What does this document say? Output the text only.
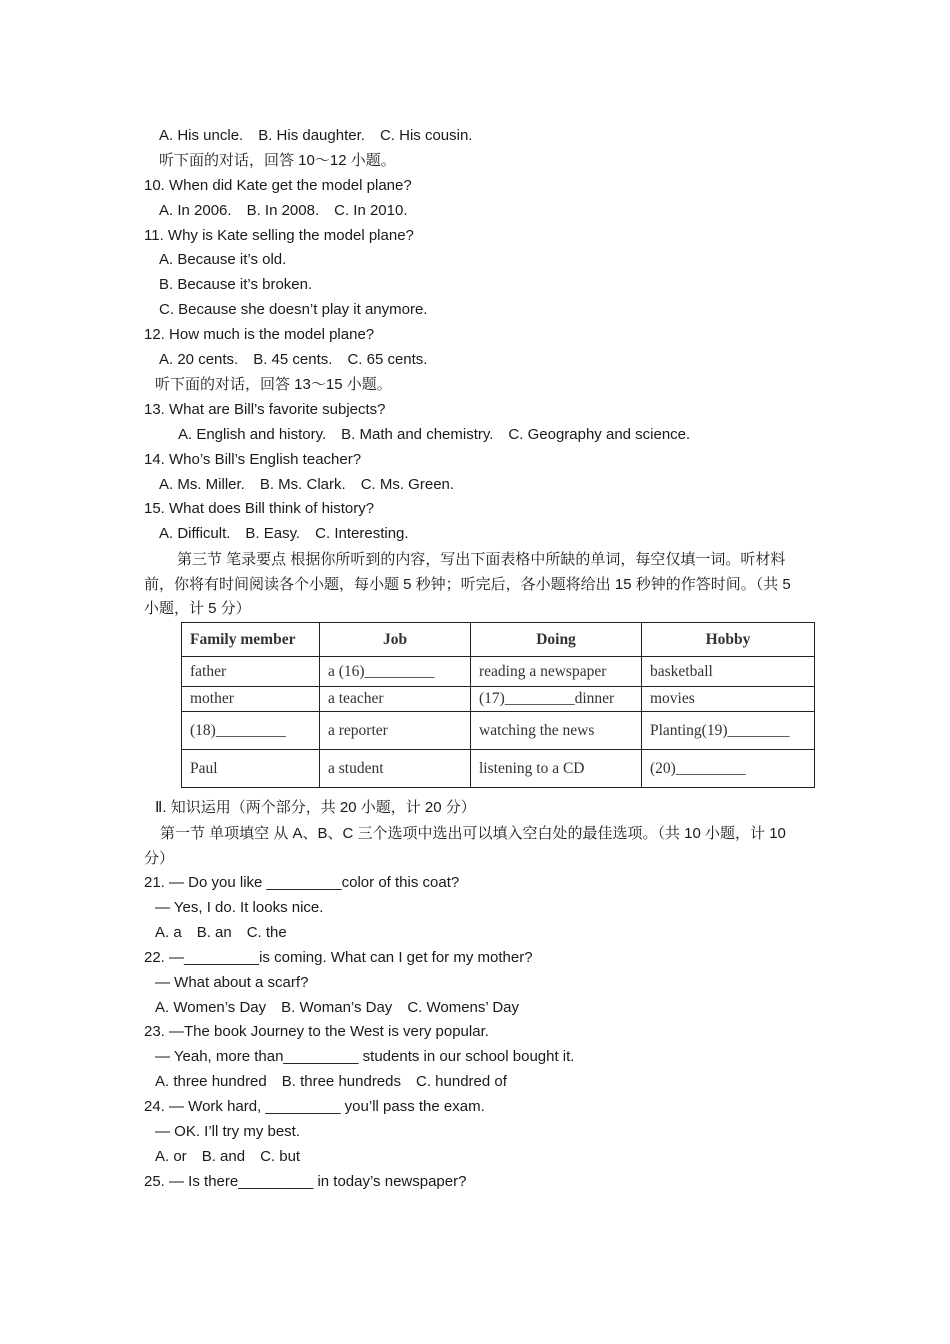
A. His uncle. B. His daughter. C. His cousin.
听下面的对话，回答 10～12 小题。
10. When did Kate get the model plane?
A. In 2006. B. In 2008. C. In 2010.
11. Why is Kate selling the model plane?
A. Because it’s old.
B. Because it’s broken.
C. Because she doesn’t play it anymore.
12. How much is the model plane?
A. 20 cents. B. 45 cents. C. 65 cents.
听下面的对话，回答 13～15 小题。
13. What are Bill’s favorite subjects?
A. English and history. B. Math and chemistry. C. Geography and science.
14. Who’s Bill’s English teacher?
A. Ms. Miller. B. Ms. Clark. C. Ms. Green.
15. What does Bill think of history?
A. Difficult. B. Easy. C. Interesting.
第三节 笔录要点 根据你所听到的内容，写出下面表格中所缺的单词，每空仅填一词。听材料前，你将有时间阅读各个小题，每小题 5 秒钟；听完后，各小题将给出 15 秒钟的作答时间。（共 5 小题，计 5 分）
Family member	Job	Doing	Hobby
father	a (16)_________	reading a newspaper	basketball
mother	a teacher	(17)_________dinner	movies
(18)_________	a reporter	watching the news	Planting(19)________
Paul	a student	listening to a CD	(20)_________
Ⅱ. 知识运用（两个部分，共 20 小题，计 20 分）
第一节 单项填空 从 A、B、C 三个选项中选出可以填入空白处的最佳选项。（共 10 小题，计 10 分）
21. — Do you like _________color of this coat?
— Yes, I do. It looks nice.
A. a B. an C. the
22. —_________is coming. What can I get for my mother?
— What about a scarf?
A. Women’s Day B. Woman’s Day C. Womens’ Day
23. —The book Journey to the West is very popular.
— Yeah, more than_________ students in our school bought it.
A. three hundred B. three hundreds C. hundred of
24. — Work hard, _________ you’ll pass the exam.
— OK. I’ll try my best.
A. or B. and C. but
25. — Is there_________ in today’s newspaper?
